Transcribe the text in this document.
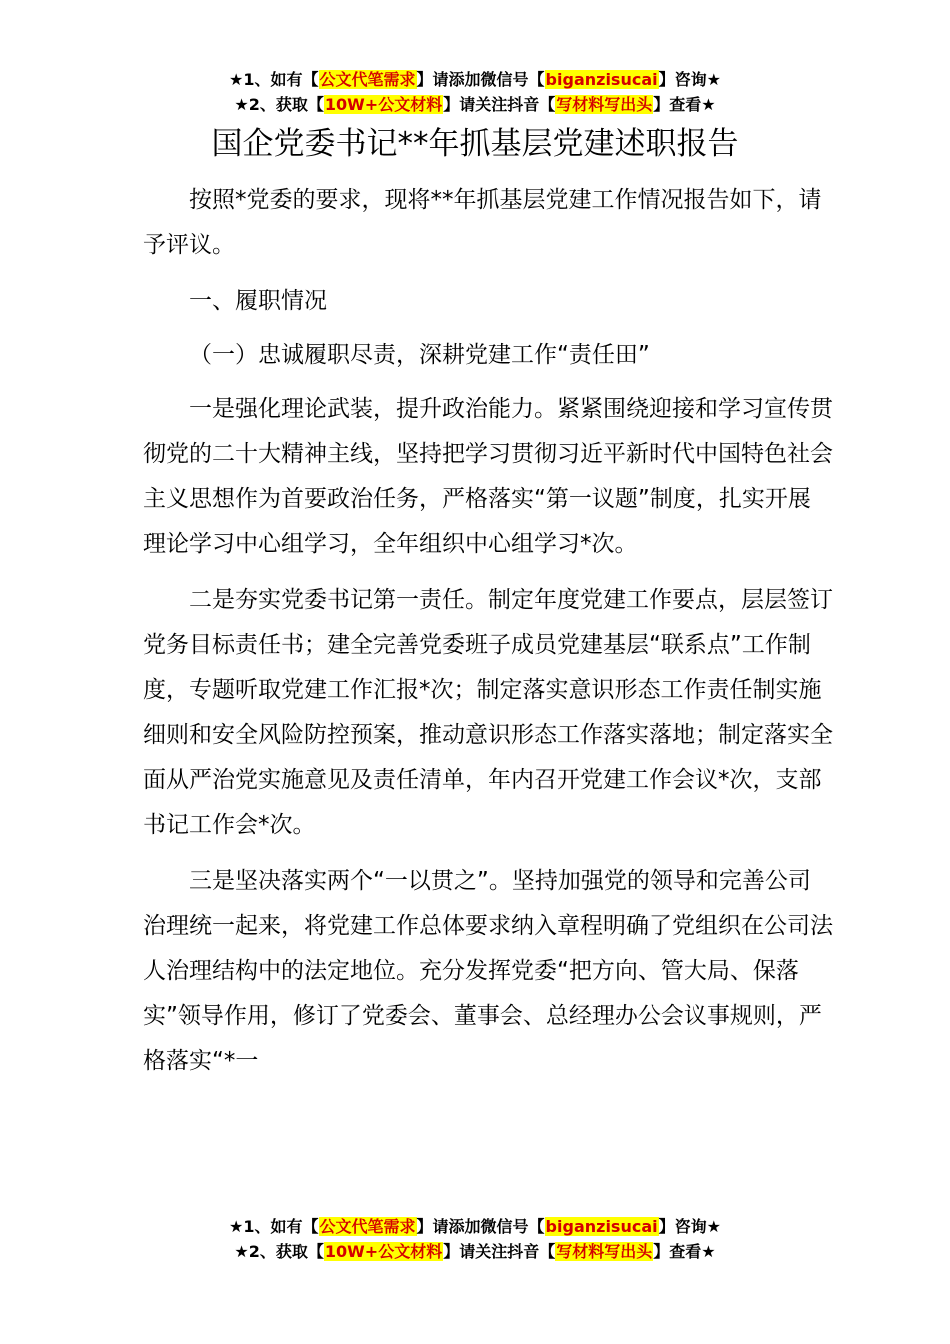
★1、如有【公文代笔需求】请添加微信号【biganzisucai】咨询★
★2、获取【10W+公文材料】请关注抖音【写材料写出头】查看★
国企党委书记**年抓基层党建述职报告

按照*党委的要求，现将**年抓基层党建工作情况报告如下，请予评议。

一、履职情况

（一）忠诚履职尽责，深耕党建工作“责任田”

一是强化理论武装，提升政治能力。紧紧围绕迎接和学习宣传贯彻党的二十大精神主线，坚持把学习贯彻习近平新时代中国特色社会主义思想作为首要政治任务，严格落实“第一议题”制度，扎实开展理论学习中心组学习，全年组织中心组学习*次。

二是夯实党委书记第一责任。制定年度党建工作要点，层层签订党务目标责任书；建全完善党委班子成员党建基层“联系点”工作制度，专题听取党建工作汇报*次；制定落实意识形态工作责任制实施细则和安全风险防控预案，推动意识形态工作落实落地；制定落实全面从严治党实施意见及责任清单，年内召开党建工作会议*次，支部书记工作会*次。

三是坚决落实两个“一以贯之”。坚持加强党的领导和完善公司治理统一起来，将党建工作总体要求纳入章程明确了党组织在公司法人治理结构中的法定地位。充分发挥党委“把方向、管大局、保落实”领导作用，修订了党委会、董事会、总经理办公会议事规则，严格落实“*一

★1、如有【公文代笔需求】请添加微信号【biganzisucai】咨询★
★2、获取【10W+公文材料】请关注抖音【写材料写出头】查看★
